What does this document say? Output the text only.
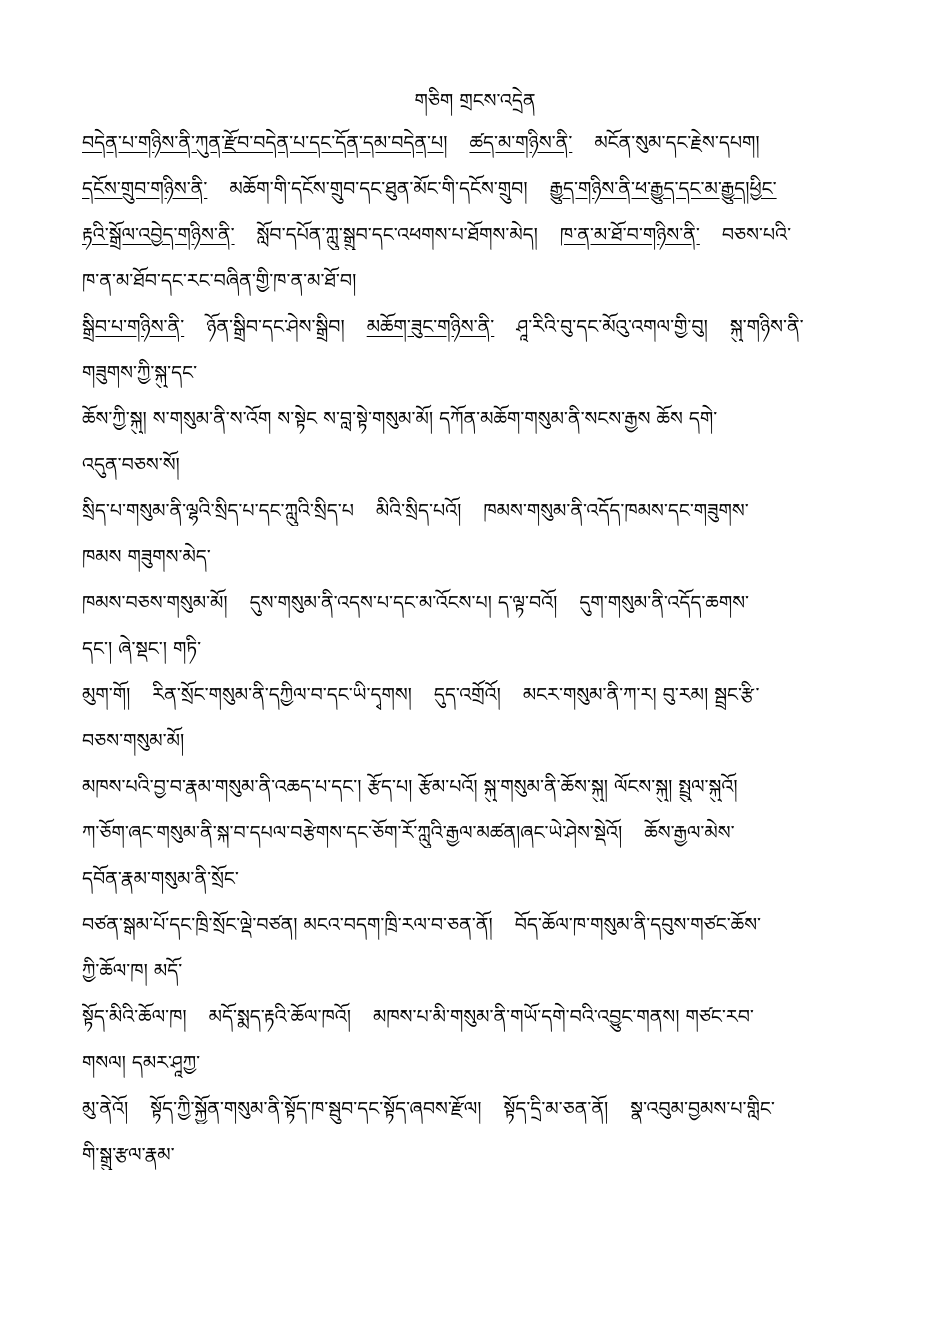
གཅིག གྲངས་འདྲེན
བདེན་པ་གཉིས་ནི་ཀུན་རྫོབ་བདེན་པ་དང་དོན་དམ་བདེན་པ། ཚད་མ་གཉིས་ནི་ མངོན་སུམ་དང་རྗེས་དཔག།
དངོས་གྲུབ་གཉིས་ནི་ མཆོག་གི་དངོས་གྲུབ་དང་ཐུན་མོང་གི་དངོས་གྲུབ། རྒྱུད་གཉིས་ནི་ཕ་རྒྱུད་དང་མ་རྒྱུད།ཕྱིང་
རྟའི་སྒྲོལ་འབྱེད་གཉིས་ནི་ སློབ་དཔོན་ཀླུ་སྒྲུབ་དང་འཕགས་པ་ཐོགས་མེད། ཁ་ན་མ་ཐོ་བ་གཉིས་ནི་ བཅས་པའི་
ཁ་ན་མ་ཐོབ་དང་རང་བཞིན་གྱི་ཁ་ན་མ་ཐོ་བ།
སྒྲིབ་པ་གཉིས་ནི་ ཉོན་སྒྲིབ་དང་ཤེས་སྒྲིབ། མཆོག་ཟུང་གཉིས་ནི་ ཤཱ་རིའི་བུ་དང་མོའུ་འགལ་གྱི་བུ། སྐུ་གཉིས་ནི་
གཟུགས་ཀྱི་སྐུ་དང་
ཆོས་ཀྱི་སྐུ། ས་གསུམ་ནི་ས་འོག ས་སྟེང ས་བླ་སྟེ་གསུམ་མོ། དཀོན་མཆོག་གསུམ་ནི་སངས་རྒྱས ཆོས དགེ་
འདུན་བཅས་སོ།
སྲིད་པ་གསུམ་ནི་ལྷའི་སྲིད་པ་དང་ཀླུའི་སྲིད་པ མིའི་སྲིད་པའོ། ཁམས་གསུམ་ནི་འདོད་ཁམས་དང་གཟུགས་
ཁམས གཟུགས་མེད་
ཁམས་བཅས་གསུམ་མོ། དུས་གསུམ་ནི་འདས་པ་དང་མ་འོངས་པ། ད་ལྟ་བའོ། དུག་གསུམ་ནི་འདོད་ཆགས་
དང་། ཞེ་སྡང་། གཏི་
མུག་གོ། རིན་སྲོང་གསུམ་ནི་དཀྱིལ་བ་དང་ཡི་དྭགས། དུད་འགྲོའོ། མངར་གསུམ་ནི་ཀ་ར། བུ་རམ། སྦྲང་རྩི་
བཅས་གསུམ་མོ།
མཁས་པའི་བྱ་བ་རྣམ་གསུམ་ནི་འཆད་པ་དང་། རྩོད་པ། རྩོམ་པའོ། སྐུ་གསུམ་ནི་ཆོས་སྐུ། ལོངས་སྐུ། སྤྲུལ་སྐུའོ།
ཀ་ཅོག་ཞང་གསུམ་ནི་སྐ་བ་དཔལ་བརྩེགས་དང་ཅོག་རོ་ཀླུའི་རྒྱལ་མཚན།ཞང་ཡེ་ཤེས་སྡེའོ། ཆོས་རྒྱལ་མེས་
དབོན་རྣམ་གསུམ་ནི་སྲོང་
བཙན་སྒམ་པོ་དང་ཁྲི་སྲོང་ལྡེ་བཙན། མངའ་བདག་ཁྲི་རལ་བ་ཅན་ནོ། བོད་ཆོལ་ཁ་གསུམ་ནི་དབུས་གཙང་ཆོས་
ཀྱི་ཆོལ་ཁ། མདོ་
སྟོད་མིའི་ཆོལ་ཁ། མདོ་སྨད་རྟའི་ཆོལ་ཁའོ། མཁས་པ་མི་གསུམ་ནི་གཡོ་དགེ་བའི་འབྱུང་གནས། གཙང་རབ་
གསལ། དམར་ཤཱཀྱ་
མུ་ནེའོ། སྟོད་ཀྱི་སྐྱོན་གསུམ་ནི་སྟོད་ཁ་སྦུབ་དང་སྟོད་ཞབས་རྫོལ། སྟོད་དྲི་མ་ཅན་ནོ། སྣ་འབུམ་བྱམས་པ་གླིང་
གི་སྒྲུ་རྩལ་རྣམ་
